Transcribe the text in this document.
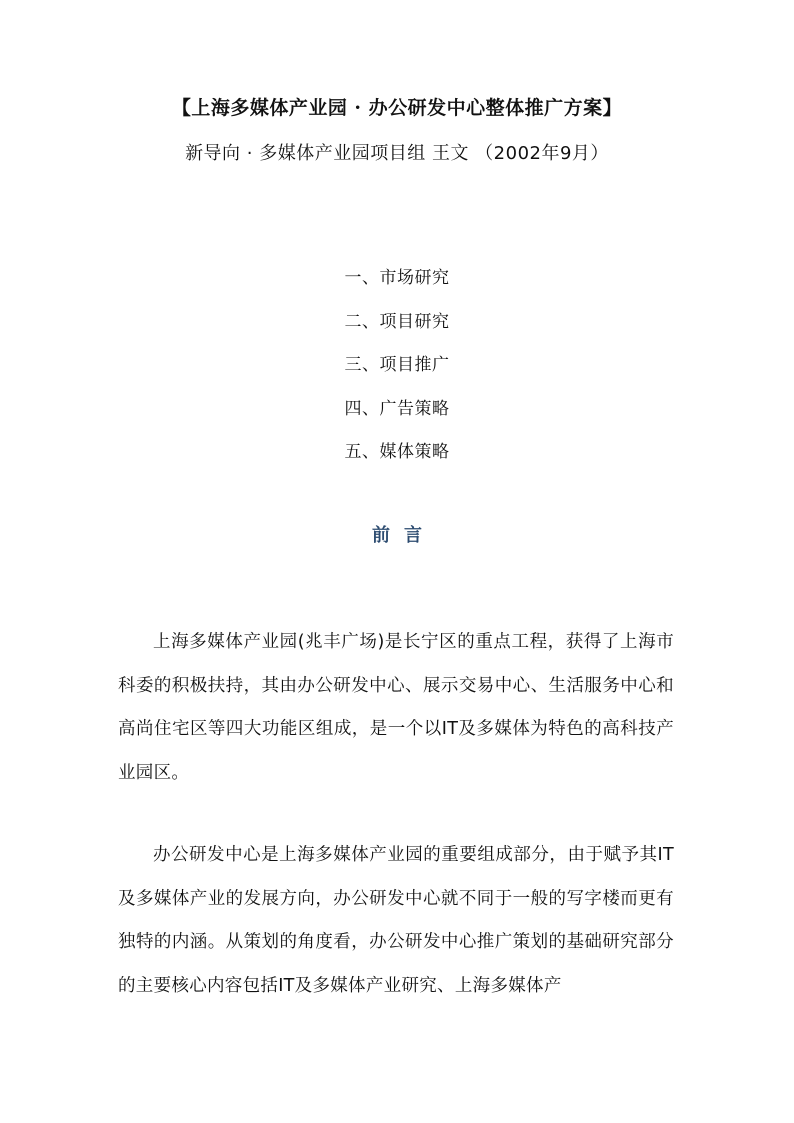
【上海多媒体产业园 · 办公研发中心整体推广方案】
新导向 · 多媒体产业园项目组 王文 （2002年9月）
一、市场研究
二、项目研究
三、项目推广
四、广告策略
五、媒体策略
前言

上海多媒体产业园(兆丰广场)是长宁区的重点工程，获得了上海市科委的积极扶持，其由办公研发中心、展示交易中心、生活服务中心和高尚住宅区等四大功能区组成，是一个以IT及多媒体为特色的高科技产业园区。

办公研发中心是上海多媒体产业园的重要组成部分，由于赋予其IT及多媒体产业的发展方向，办公研发中心就不同于一般的写字楼而更有独特的内涵。从策划的角度看，办公研发中心推广策划的基础研究部分的主要核心内容包括IT及多媒体产业研究、上海多媒体产
